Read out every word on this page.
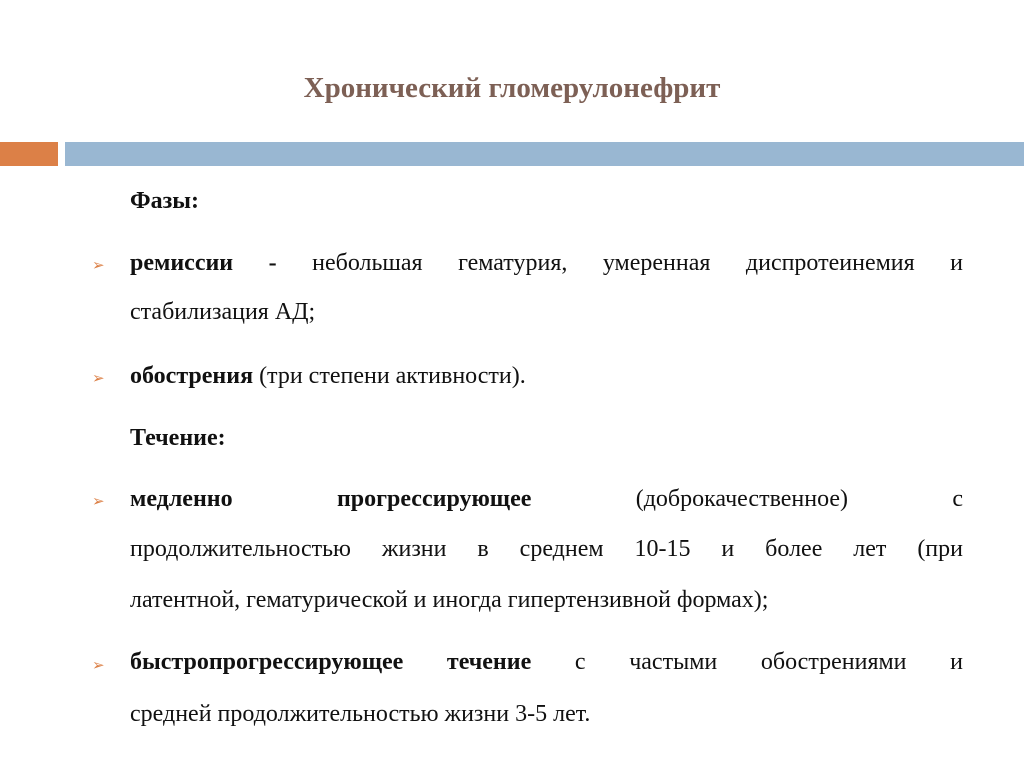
Хронический гломерулонефрит
Фазы:
➢ ремиссии - небольшая гематурия, умеренная диспротеинемия и
стабилизация АД;
➢ обострения (три степени активности).
Течение:
➢ медленно	прогрессирующее	(доброкачественное)	с
продолжительностью жизни в среднем 10-15 и более лет (при
латентной, гематурической и иногда гипертензивной формах);
➢ быстропрогрессирующее течение с частыми обострениями и
средней продолжительностью жизни 3-5 лет.
